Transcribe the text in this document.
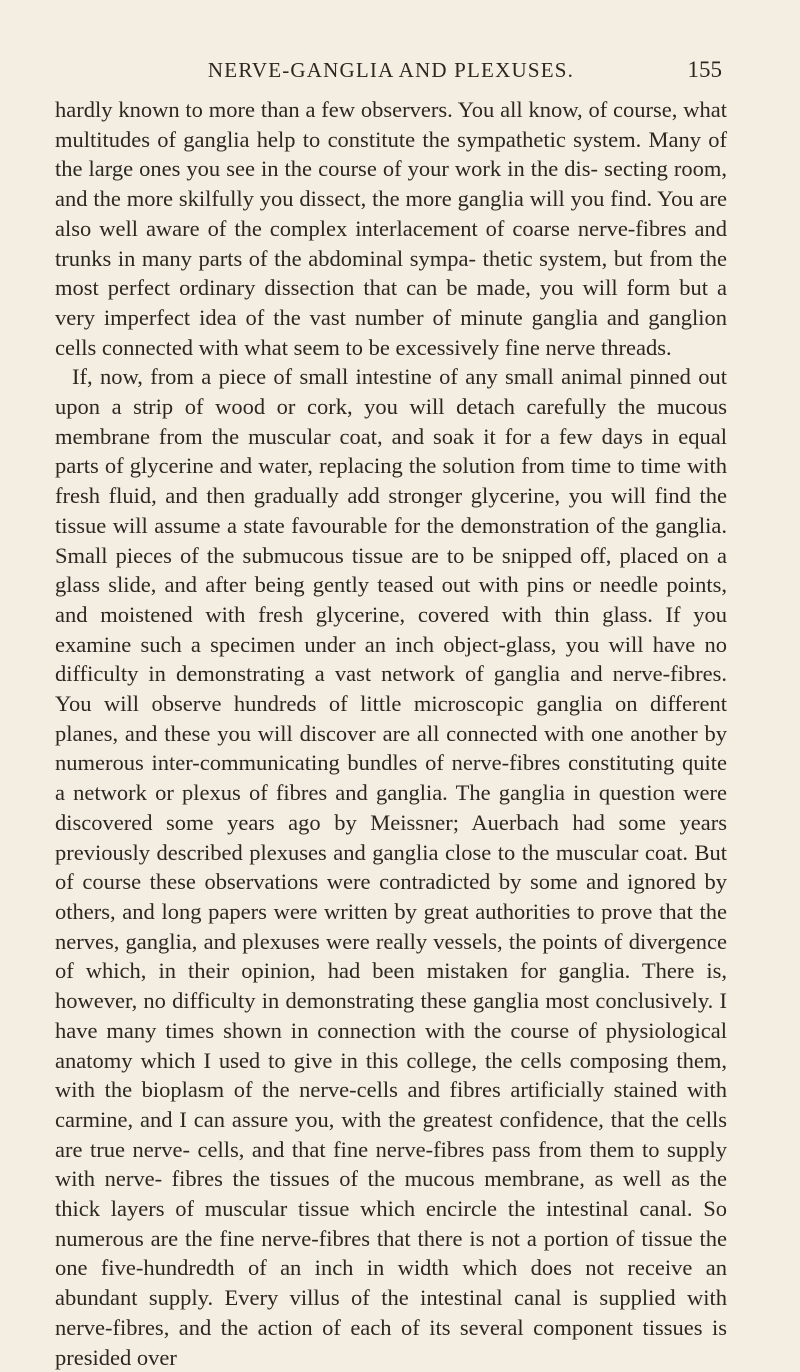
NERVE-GANGLIA AND PLEXUSES.	155

hardly known to more than a few observers. You all know, of course, what multitudes of ganglia help to constitute the sympathetic system. Many of the large ones you see in the course of your work in the dis- secting room, and the more skilfully you dissect, the more ganglia will you find. You are also well aware of the complex interlacement of coarse nerve-fibres and trunks in many parts of the abdominal sympa- thetic system, but from the most perfect ordinary dissection that can be made, you will form but a very imperfect idea of the vast number of minute ganglia and ganglion cells connected with what seem to be excessively fine nerve threads.

If, now, from a piece of small intestine of any small animal pinned out upon a strip of wood or cork, you will detach carefully the mucous membrane from the muscular coat, and soak it for a few days in equal parts of glycerine and water, replacing the solution from time to time with fresh fluid, and then gradually add stronger glycerine, you will find the tissue will assume a state favourable for the demonstration of the ganglia. Small pieces of the submucous tissue are to be snipped off, placed on a glass slide, and after being gently teased out with pins or needle points, and moistened with fresh glycerine, covered with thin glass. If you examine such a specimen under an inch object-glass, you will have no difficulty in demonstrating a vast network of ganglia and nerve-fibres. You will observe hundreds of little microscopic ganglia on different planes, and these you will discover are all connected with one another by numerous inter-communicating bundles of nerve-fibres constituting quite a network or plexus of fibres and ganglia. The ganglia in question were discovered some years ago by Meissner; Auerbach had some years previously described plexuses and ganglia close to the muscular coat. But of course these observations were contradicted by some and ignored by others, and long papers were written by great authorities to prove that the nerves, ganglia, and plexuses were really vessels, the points of divergence of which, in their opinion, had been mistaken for ganglia. There is, however, no difficulty in demonstrating these ganglia most conclusively. I have many times shown in connection with the course of physiological anatomy which I used to give in this college, the cells composing them, with the bioplasm of the nerve-cells and fibres artificially stained with carmine, and I can assure you, with the greatest confidence, that the cells are true nerve- cells, and that fine nerve-fibres pass from them to supply with nerve- fibres the tissues of the mucous membrane, as well as the thick layers of muscular tissue which encircle the intestinal canal. So numerous are the fine nerve-fibres that there is not a portion of tissue the one five-hundredth of an inch in width which does not receive an abundant supply. Every villus of the intestinal canal is supplied with nerve-fibres, and the action of each of its several component tissues is presided over
